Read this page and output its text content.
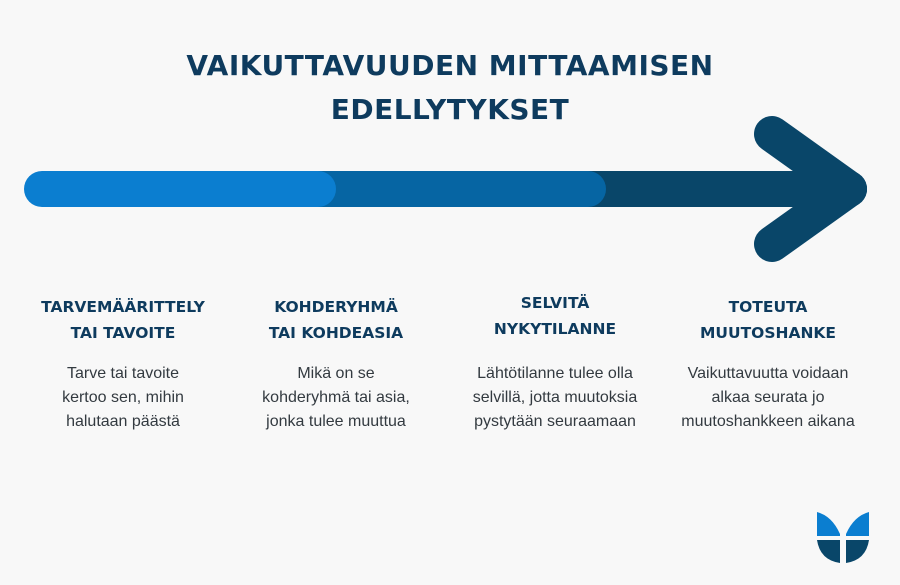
VAIKUTTAVUUDEN MITTAAMISEN
EDELLYTYKSET
TARVEMÄÄRITTELY
TAI TAVOITE
Tarve tai tavoite
kertoo sen, mihin
halutaan päästä
KOHDERYHMÄ
TAI KOHDEASIA
Mikä on se
kohderyhmä tai asia,
jonka tulee muuttua
SELVITÄ
NYKYTILANNE
Lähtötilanne tulee olla
selvillä, jotta muutoksia
pystytään seuraamaan
TOTEUTA
MUUTOSHANKE
Vaikuttavuutta voidaan
alkaa seurata jo
muutoshankkeen aikana
